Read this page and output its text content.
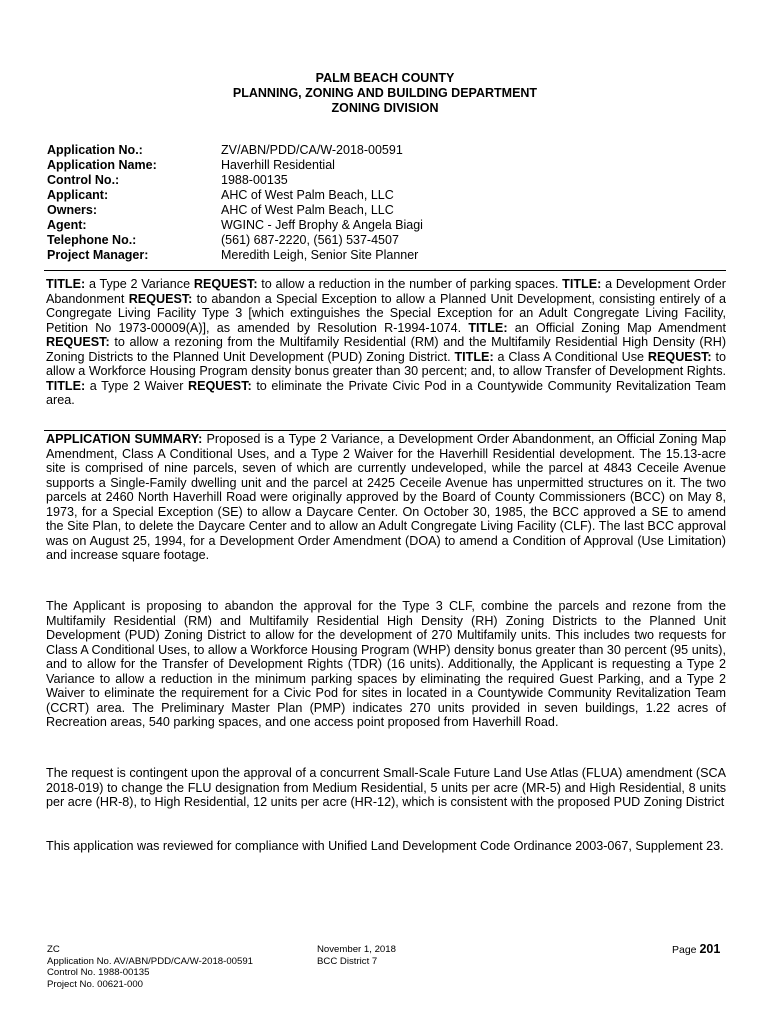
PALM BEACH COUNTY
PLANNING, ZONING AND BUILDING DEPARTMENT
ZONING DIVISION
Application No.:	ZV/ABN/PDD/CA/W-2018-00591
Application Name:	Haverhill Residential
Control No.:	1988-00135
Applicant:	AHC of West Palm Beach, LLC
Owners:	AHC of West Palm Beach, LLC
Agent:	WGINC - Jeff Brophy & Angela Biagi
Telephone No.:	(561) 687-2220, (561) 537-4507
Project Manager:	Meredith Leigh, Senior Site Planner
TITLE: a Type 2 Variance REQUEST: to allow a reduction in the number of parking spaces. TITLE: a Development Order Abandonment REQUEST: to abandon a Special Exception to allow a Planned Unit Development, consisting entirely of a Congregate Living Facility Type 3 [which extinguishes the Special Exception for an Adult Congregate Living Facility, Petition No 1973-00009(A)], as amended by Resolution R-1994-1074. TITLE: an Official Zoning Map Amendment REQUEST: to allow a rezoning from the Multifamily Residential (RM) and the Multifamily Residential High Density (RH) Zoning Districts to the Planned Unit Development (PUD) Zoning District. TITLE: a Class A Conditional Use REQUEST: to allow a Workforce Housing Program density bonus greater than 30 percent; and, to allow Transfer of Development Rights. TITLE: a Type 2 Waiver REQUEST: to eliminate the Private Civic Pod in a Countywide Community Revitalization Team area.
APPLICATION SUMMARY: Proposed is a Type 2 Variance, a Development Order Abandonment, an Official Zoning Map Amendment, Class A Conditional Uses, and a Type 2 Waiver for the Haverhill Residential development. The 15.13-acre site is comprised of nine parcels, seven of which are currently undeveloped, while the parcel at 4843 Ceceile Avenue supports a Single-Family dwelling unit and the parcel at 2425 Ceceile Avenue has unpermitted structures on it. The two parcels at 2460 North Haverhill Road were originally approved by the Board of County Commissioners (BCC) on May 8, 1973, for a Special Exception (SE) to allow a Daycare Center. On October 30, 1985, the BCC approved a SE to amend the Site Plan, to delete the Daycare Center and to allow an Adult Congregate Living Facility (CLF). The last BCC approval was on August 25, 1994, for a Development Order Amendment (DOA) to amend a Condition of Approval (Use Limitation) and increase square footage.
The Applicant is proposing to abandon the approval for the Type 3 CLF, combine the parcels and rezone from the Multifamily Residential (RM) and Multifamily Residential High Density (RH) Zoning Districts to the Planned Unit Development (PUD) Zoning District to allow for the development of 270 Multifamily units. This includes two requests for Class A Conditional Uses, to allow a Workforce Housing Program (WHP) density bonus greater than 30 percent (95 units), and to allow for the Transfer of Development Rights (TDR) (16 units). Additionally, the Applicant is requesting a Type 2 Variance to allow a reduction in the minimum parking spaces by eliminating the required Guest Parking, and a Type 2 Waiver to eliminate the requirement for a Civic Pod for sites in located in a Countywide Community Revitalization Team (CCRT) area. The Preliminary Master Plan (PMP) indicates 270 units provided in seven buildings, 1.22 acres of Recreation areas, 540 parking spaces, and one access point proposed from Haverhill Road.
The request is contingent upon the approval of a concurrent Small-Scale Future Land Use Atlas (FLUA) amendment (SCA 2018-019) to change the FLU designation from Medium Residential, 5 units per acre (MR-5) and High Residential, 8 units per acre (HR-8), to High Residential, 12 units per acre (HR-12), which is consistent with the proposed PUD Zoning District
This application was reviewed for compliance with Unified Land Development Code Ordinance 2003-067, Supplement 23.
ZC
Application No. AV/ABN/PDD/CA/W-2018-00591
Control No. 1988-00135
Project No. 00621-000
November 1, 2018
BCC District 7
Page 201
